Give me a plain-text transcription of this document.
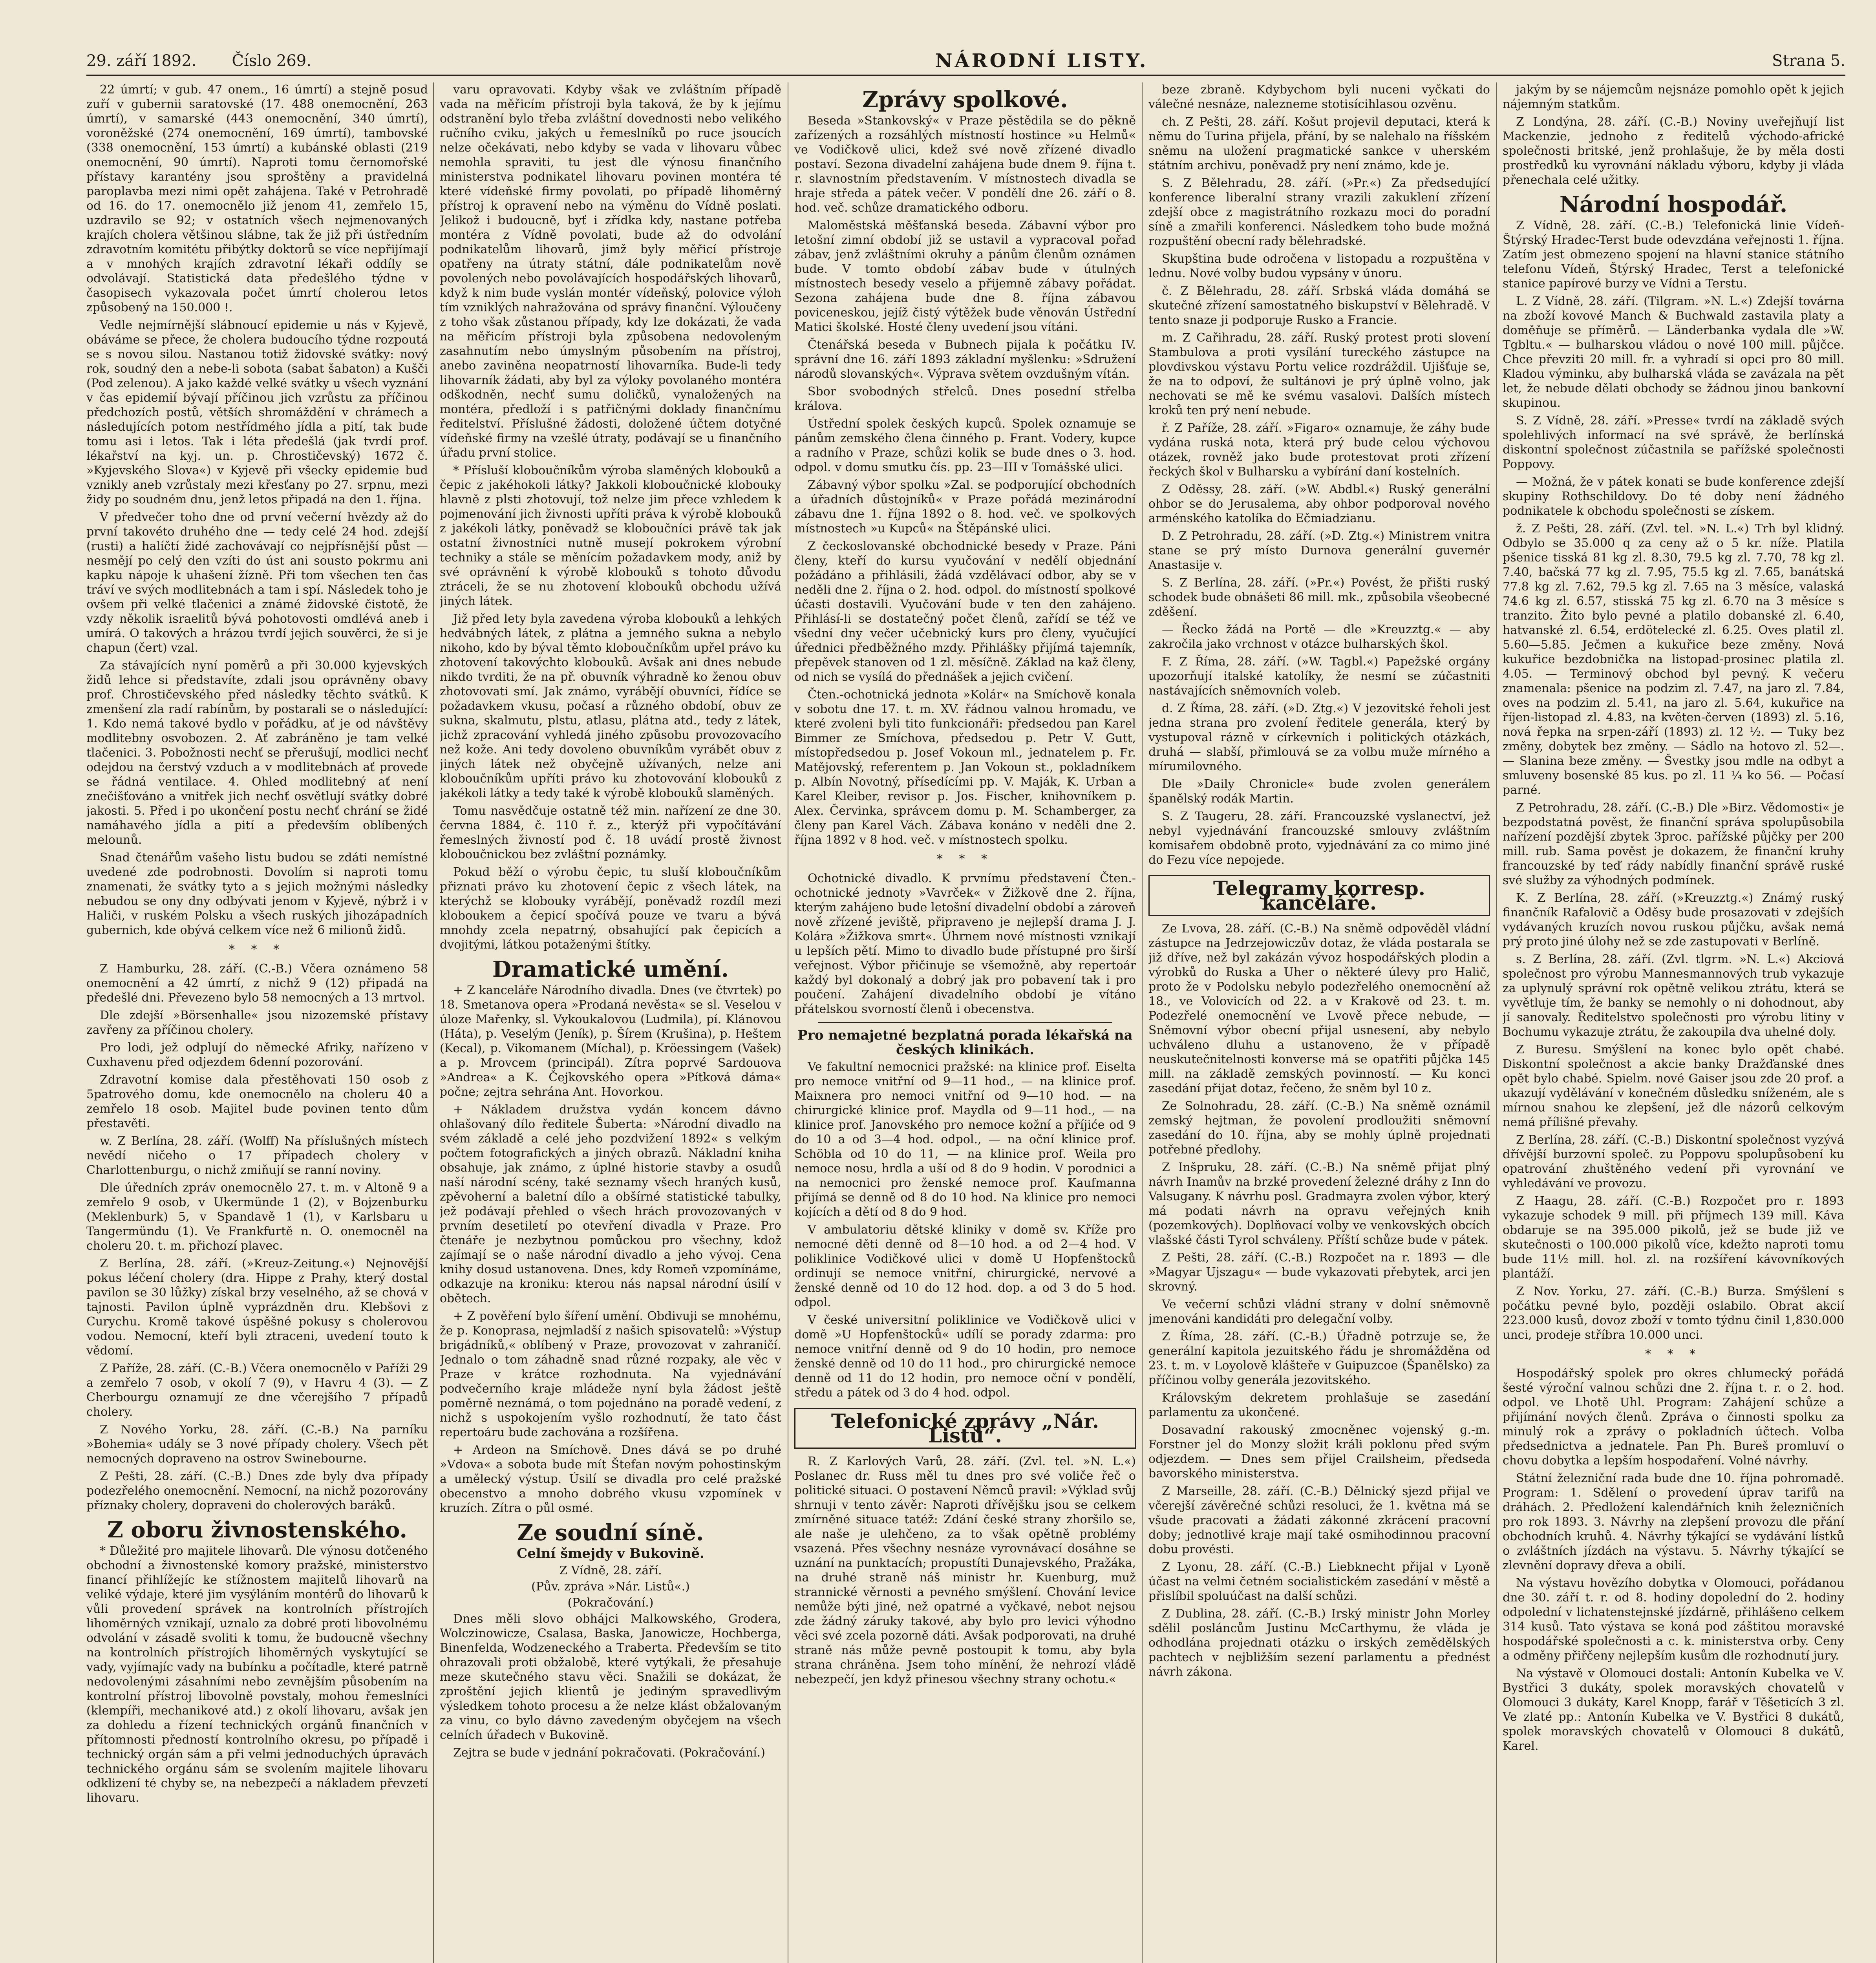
29. září 1892. Číslo 269.	NÁRODNÍ LISTY.	Strana 5.

22 úmrtí; v gub. 47 onem., 16 úmrtí) a stejně posud zuří v gubernii saratovské (17. 488 onemocnění, 263 úmrtí), v samarské (443 onemocnění, 340 úmrtí), voroněžské (274 onemocnění, 169 úmrtí), tambovské (338 onemocnění, 153 úmrtí) a kubánské oblasti (219 onemocnění, 90 úmrtí). Naproti tomu černomořské přístavy karantény jsou sproštěny a pravidelná paroplavba mezi nimi opět zahájena. Také v Petrohradě od 16. do 17. onemocnělo již jenom 41, zemřelo 15, uzdravilo se 92; v ostatních všech nejmenovaných krajích cholera většinou slábne, tak že již při ústředním zdravotním komitétu přibýtky doktorů se více nepřijímají a v mnohých krajích zdravotní lékaři oddíly se odvolávají. Statistická data předešlého týdne v časopisech vykazovala počet úmrtí cholerou letos způsobený na 150.000 !.

Vedle nejmírnější slábnoucí epidemie u nás v Kyjevě, obáváme se přece, že cholera budoucího týdne rozpoutá se s novou silou. Nastanou totiž židovské svátky: nový rok, soudný den a nebe-li sobota (sabat šabaton) a Kušči (Pod zelenou). A jako každé velké svátky u všech vyznání v čas epidemií bývají příčinou jich vzrůstu za příčinou předchozích postů, větších shromáždění v chrámech a následujících potom nestřídmého jídla a pití, tak bude tomu asi i letos. Tak i léta předešlá (jak tvrdí prof. lékařství na kyj. un. p. Chrostičevský) 1672 č. »Kyjevského Slova«) v Kyjevě při všecky epidemie bud vznikly aneb vzrůstaly mezi křesťany po 27. srpnu, mezi židy po soudném dnu, jenž letos připadá na den 1. října.

V předvečer toho dne od první večerní hvězdy až do první takovéto druhého dne — tedy celé 24 hod. zdejší (rusti) a halíčtí židé zachovávají co nejpřísnější půst — nesmějí po celý den vzíti do úst ani sousto pokrmu ani kapku nápoje k uhašení žízně. Při tom všechen ten čas tráví ve svých modlitebnách a tam i spí. Následek toho je ovšem při velké tlačenici a známé židovské čistotě, že vzdy několik israelitů bývá pohotovosti omdlévá aneb i umírá. O takových a hrázou tvrdí jejich souvěrci, že si je chapun (čert) vzal.

Za stávajících nyní poměrů a při 30.000 kyjevských židů lehce si představíte, zdali jsou oprávněny obavy prof. Chrostičevského před následky těchto svátků. K zmenšení zla radí rabínům, by postarali se o následující: 1. Kdo nemá takové bydlo v pořádku, ať je od návštěvy modlitebny osvobozen. 2. Ať zabráněno je tam velké tlačenici. 3. Pobožnosti nechť se přerušují, modlici nechť odejdou na čerstvý vzduch a v modlitebnách ať provede se řádná ventilace. 4. Ohled modlitebný ať není znečišťováno a vnitřek jich nechť osvětlují svátky dobré jakosti. 5. Před i po ukončení postu nechť chrání se židé namáhavého jídla a pití a především oblíbených melounů.

Snad čtenářům vašeho listu budou se zdáti nemístné uvedené zde podrobnosti. Dovolím si naproti tomu znamenati, že svátky tyto a s jejich možnými následky nebudou se ony dny odbývati jenom v Kyjevě, nýbrž i v Haliči, v ruském Polsku a všech ruských jihozápadních gubernich, kde obývá celkem více než 6 milionů židů.

* * *

Z Hamburku, 28. září. (C.-B.) Včera oznámeno 58 onemocnění a 42 úmrtí, z nichž 9 (12) připadá na předešlé dni. Převezeno bylo 58 nemocných a 13 mrtvol.

Dle zdejší »Börsenhalle« jsou nizozemské přístavy zavřeny za příčinou cholery.

Pro lodi, jež odplují do německé Afriky, nařízeno v Cuxhavenu před odjezdem 6denní pozorování.

Zdravotní komise dala přestěhovati 150 osob z 5patrového domu, kde onemocnělo na choleru 40 a zemřelo 18 osob. Majitel bude povinen tento dům přestavěti.

w. Z Berlína, 28. září. (Wolff) Na příslušných místech nevědí ničeho o 17 případech cholery v Charlottenburgu, o nichž zmiňují se ranní noviny.

Dle úředních zpráv onemocnělo 27. t. m. v Altoně 9 a zemřelo 9 osob, v Ukermünde 1 (2), v Bojzenburku (Meklenburk) 5, v Spandavě 1 (1), v Karlsbaru u Tangermündu (1). Ve Frankfurtě n. O. onemocněl na choleru 20. t. m. přichozí plavec.

Z Berlína, 28. září. (»Kreuz-Zeitung.«) Nejnovější pokus léčení cholery (dra. Hippe z Prahy, který dostal pavilon se 30 lůžky) získal brzy veselného, až se chová v tajnosti. Pavilon úplně vyprázdněn dru. Klebšovi z Curychu. Kromě takové úspěšné pokusy s cholerovou vodou. Nemocní, kteří byli ztraceni, uvedení touto k vědomí.

Z Paříže, 28. září. (C.-B.) Včera onemocnělo v Paříži 29 a zemřelo 7 osob, v okolí 7 (9), v Havru 4 (3). — Z Cherbourgu oznamují ze dne včerejšího 7 případů cholery.

Z Nového Yorku, 28. září. (C.-B.) Na parníku »Bohemia« udály se 3 nové případy cholery. Všech pět nemocných dopraveno na ostrov Swinebourne.

Z Pešti, 28. září. (C.-B.) Dnes zde byly dva případy podezřelého onemocnění. Nemocní, na nichž pozorovány příznaky cholery, dopraveni do cholerových baráků.

Z oboru živnostenského.

* Důležité pro majitele lihovarů. Dle výnosu dotčeného obchodní a živnostenské komory pražské, ministerstvo financí přihlížejíc ke stížnostem majitelů lihovarů na veliké výdaje, které jim vysýláním montérů do lihovarů k vůli provedení správek na kontrolních přístrojích lihoměrných vznikají, uznalo za dobré proti libovolnému odvolání v zásadě svoliti k tomu, že budoucně všechny na kontrolních přístrojích lihoměrných vyskytující se vady, vyjímajíc vady na bubínku a počítadle, které patrně nedovolenými zásahními nebo zevnějším působením na kontrolní přístroj libovolně povstaly, mohou řemeslníci (klempíři, mechanikové atd.) z okolí lihovaru, avšak jen za dohledu a řízení technických orgánů finančních v přítomnosti předností kontrolního okresu, po případě i technický orgán sám a při velmi jednoduchých úpravách technického orgánu sám se svolením majitele lihovaru odklizení té chyby se, na nebezpečí a nákladem převzetí lihovaru.

varu opravovati. Kdyby však ve zvláštním případě vada na měřicím přístroji byla taková, že by k jejímu odstranění bylo třeba zvláštní dovednosti nebo velikého ručního cviku, jakých u řemeslníků po ruce jsoucích nelze očekávati, nebo kdyby se vada v lihovaru vůbec nemohla spraviti, tu jest dle výnosu finančního ministerstva podnikatel lihovaru povinen montéra té které vídeňské firmy povolati, po případě lihoměrný přístroj k opravení nebo na výměnu do Vídně poslati. Jelikož i budoucně, byť i zřídka kdy, nastane potřeba montéra z Vídně povolati, bude až do odvolání podnikatelům lihovarů, jimž byly měřicí přístroje opatřeny na útraty státní, dále podnikatelům nově povolených nebo povolávajících hospodářských lihovarů, když k nim bude vyslán montér vídeňský, polovice výloh tím vzniklých nahražována od správy finanční. Výloučeny z toho však zůstanou případy, kdy lze dokázati, že vada na měřicím přístroji byla způsobena nedovoleným zasahnutím nebo úmyslným působením na přístroj, anebo zaviněna neopatrností lihovarníka. Bude-li tedy lihovarník žádati, aby byl za výloky povolaného montéra odškodněn, nechť sumu doličků, vynaložených na montéra, předloží i s patřičnými doklady finančnímu ředitelství. Příslušné žádosti, doložené účtem dotyčné vídeňské firmy na vzešlé útraty, podávají se u finančního úřadu první stolice.

* Přísluší kloboučníkům výroba slaměných klobouků a čepic z jakéhokoli látky? Jakkoli kloboučnické klobouky hlavně z plsti zhotovují, tož nelze jim přece vzhledem k pojmenování jich živnosti upříti práva k výrobě klobouků z jakékoli látky, poněvadž se kloboučníci právě tak jak ostatní živnostníci nutně musejí pokrokem výrobní techniky a stále se měnícím požadavkem mody, aniž by své oprávnění k výrobě klobouků s tohoto důvodu ztráceli, že se nu zhotovení klobouků obchodu užívá jiných látek.

Již před lety byla zavedena výroba klobouků a lehkých hedvábných látek, z plátna a jemného sukna a nebylo nikoho, kdo by býval těmto kloboučníkům upřel právo ku zhotovení takovýchto klobouků. Avšak ani dnes nebude nikdo tvrditi, že na př. obuvník výhradně ko ženou obuv zhotovovati smí. Jak známo, vyrábějí obuvníci, řídíce se požadavkem vkusu, počasí a různého období, obuv ze sukna, skalmutu, plstu, atlasu, plátna atd., tedy z látek, jichž zpracování vyhledá jiného způsobu provozovacího než kože. Ani tedy dovoleno obuvníkům vyrábět obuv z jiných látek než obyčejně užívaných, nelze ani kloboučníkům upříti právo ku zhotovování klobouků z jakékoli látky a tedy také k výrobě klobouků slaměných.

Tomu nasvědčuje ostatně též min. nařízení ze dne 30. června 1884, č. 110 ř. z., kterýž při vypočítávání řemeslných živností pod č. 18 uvádí prostě živnost kloboučnickou bez zvláštní poznámky.

Pokud běží o výrobu čepic, tu sluší kloboučníkům přiznati právo ku zhotovení čepic z všech látek, na kterýchž se klobouky vyrábějí, poněvadž rozdíl mezi kloboukem a čepicí spočívá pouze ve tvaru a bývá mnohdy zcela nepatrný, obsahující pak čepicích a dvojitými, látkou potaženými štítky.

Dramatické umění.

+ Z kanceláře Národního divadla. Dnes (ve čtvrtek) po 18. Smetanova opera »Prodaná nevěsta« se sl. Veselou v úloze Mařenky, sl. Vykoukalovou (Ludmila), pí. Klánovou (Háta), p. Veselým (Jeník), p. Šírem (Krušina), p. Heštem (Kecal), p. Vikomanem (Míchal), p. Kröessingem (Vašek) a p. Mrovcem (principál). Zítra poprvé Sardouova »Andrea« a K. Čejkovského opera »Pítková dáma« počne; zejtra sehrána Ant. Hovorkou.

+ Nákladem družstva vydán koncem dávno ohlašovaný dílo ředitele Šuberta: »Národní divadlo na svém základě a celé jeho pozdvižení 1892« s velkým počtem fotografických a jiných obrazů. Nákladní kniha obsahuje, jak známo, z úplné historie stavby a osudů naší národní scény, také seznamy všech hraných kusů, zpěvoherní a baletní dílo a obšírné statistické tabulky, jež podávají přehled o všech hrách provozovaných v prvním desetiletí po otevření divadla v Praze. Pro čtenáře je nezbytnou pomůckou pro všechny, kdož zajímají se o naše národní divadlo a jeho vývoj. Cena knihy dosud ustanovena. Dnes, kdy Romeň vzpomínáme, odkazuje na kroniku: kterou nás napsal národní úsilí v obětech.

+ Z pověření bylo šíření umění. Obdivuji se mnohému, že p. Konoprasa, nejmladší z našich spisovatelů: »Výstup brigádníků,« oblíbený v Praze, provozovat v zahraničí. Jednalo o tom záhadně snad různé rozpaky, ale věc v Praze v krátce rozhodnuta. Na vyjednávání podvečerního kraje mládeže nyní byla žádost ještě poměrně neznámá, o tom pojednáno na poradě vedení, z nichž s uspokojením vyšlo rozhodnutí, že tato část repertoáru bude zachována a rozšířena.

+ Ardeon na Smíchově. Dnes dává se po druhé »Vdova« a sobota bude mít Štefan novým pohostinským a umělecký výstup. Úsilí se divadla pro celé pražské obecenstvo a mnoho dobrého vkusu vzpomínek v kruzích. Zítra o půl osmé.

Ze soudní síně.
Celní šmejdy v Bukovině.
Z Vídně, 28. září.
(Pův. zpráva »Nár. Listů«.)
(Pokračování.)

Dnes měli slovo obhájci Malkowského, Grodera, Wolczinowicze, Csalasa, Baska, Janowicze, Hochberga, Binenfelda, Wodzeneckého a Traberta. Především se tito ohrazovali proti obžalobě, které vytýkali, že přesahuje meze skutečného stavu věci. Snažili se dokázat, že zproštění jejich klientů je jediným spravedlivým výsledkem tohoto procesu a že nelze klást obžalovaným za vinu, co bylo dávno zavedeným obyčejem na všech celních úřadech v Bukovině.

Zejtra se bude v jednání pokračovati. (Pokračování.)

Zprávy spolkové.

Beseda »Stankovský« v Praze pěstědila se do pěkně zařízených a rozsáhlých místností hostince »u Helmů« ve Vodičkově ulici, kdež své nově zřízené divadlo postaví. Sezona divadelní zahájena bude dnem 9. října t. r. slavnostním představením. V místnostech divadla se hraje středa a pátek večer. V pondělí dne 26. září o 8. hod. več. schůze dramatického odboru.

Maloměstská měšťanská beseda. Zábavní výbor pro letošní zimní období již se ustavil a vypracoval pořad zábav, jenž zvláštními okruhy a pánům členům oznámen bude. V tomto období zábav bude v útulných místnostech besedy veselo a přijemně zábavy pořádat. Sezona zahájena bude dne 8. října zábavou poviceneskou, jejíž čistý výtěžek bude věnován Ústřední Matici školské. Hosté členy uvedení jsou vítáni.

Čtenářská beseda v Bubnech pijala k počátku IV. správní dne 16. září 1893 základní myšlenku: »Sdružení národů slovanských«. Výprava světem ovzdušným vítán.

Sbor svobodných střelců. Dnes posední střelba králova.

Ústřední spolek českých kupců. Spolek oznamuje se pánům zemského člena činného p. Frant. Vodery, kupce a radního v Praze, schůzi kolik se bude dnes o 3. hod. odpol. v domu smutku čís. pp. 23—III v Tomášské ulici.

Zábavný výbor spolku »Zal. se podporující obchodních a úřadních důstojníků« v Praze pořádá mezinárodní zábavu dne 1. října 1892 o 8. hod. več. ve spolkových místnostech »u Kupců« na Štěpánské ulici.

Z čeckoslovanské obchodnické besedy v Praze. Páni členy, kteří do kursu vyučování v nedělí objednání požádáno a přihlásili, žádá vzdělávací odbor, aby se v neděli dne 2. října o 2. hod. odpol. do místností spolkové účasti dostavili. Vyučování bude v ten den zahájeno. Přihlásí-li se dostatečný počet členů, zařídí se též ve všední dny večer učebnický kurs pro členy, vyučující úřednici předběžného mzdy. Přihlášky přijímá tajemník, přepěvek stanoven od 1 zl. měsíčně. Základ na kaž členy, od nich se vysílá do přednášek a jejich cvičení.

Čten.-ochotnická jednota »Kolár« na Smíchově konala v sobotu dne 17. t. m. XV. řádnou valnou hromadu, ve které zvoleni byli tito funkcionáři: předsedou pan Karel Bimmer ze Smíchova, předsedou p. Petr V. Gutt, místopředsedou p. Josef Vokoun ml., jednatelem p. Fr. Matějovský, referentem p. Jan Vokoun st., pokladníkem p. Albín Novotný, přísedícími pp. V. Maják, K. Urban a Karel Kleiber, revisor p. Jos. Fischer, knihovníkem p. Alex. Červinka, správcem domu p. M. Schamberger, za členy pan Karel Vách. Zábava konáno v neděli dne 2. října 1892 v 8 hod. več. v místnostech spolku.

* * *

Ochotnické divadlo. K prvnímu představení Čten.-ochotnické jednoty »Vavrček« v Žižkově dne 2. října, kterým zahájeno bude letošní divadelní období a zároveň nově zřízené jeviště, připraveno je nejlepší drama J. J. Kolára »Žižkova smrt«. Úhrnem nové místnosti vznikají u lepších pětí. Mimo to divadlo bude přístupné pro širší veřejnost. Výbor přičinuje se všemožně, aby repertoár každý byl dokonalý a dobrý jak pro pobavení tak i pro poučení. Zahájení divadelního období je vítáno přátelskou svorností členů i obecenstva.

Pro nemajetné bezplatná porada lékařská na českých klinikách.

Ve fakultní nemocnici pražské: na klinice prof. Eiselta pro nemoce vnitřní od 9—11 hod., — na klinice prof. Maixnera pro nemoci vnitřní od 9—10 hod. — na chirurgické klinice prof. Maydla od 9—11 hod., — na klinice prof. Janovského pro nemoce kožní a příjiće od 9 do 10 a od 3—4 hod. odpol., — na oční klinice prof. Schöbla od 10 do 11, — na klinice prof. Weila pro nemoce nosu, hrdla a uší od 8 do 9 hodin. V porodnici a na nemocnici pro ženské nemoce prof. Kaufmanna přijímá se denně od 8 do 10 hod. Na klinice pro nemoci kojících a dětí od 8 do 9 hod.

V ambulatoriu dětské kliniky v domě sv. Kříže pro nemocné děti denně od 8—10 hod. a od 2—4 hod. V poliklinice Vodičkové ulici v domě U Hopfenštocků ordinují se nemoce vnitřní, chirurgické, nervové a ženské denně od 10 do 12 hod. dop. a od 3 do 5 hod. odpol.

V české universitní poliklinice ve Vodičkově ulici v domě »U Hopfenštocků« udílí se porady zdarma: pro nemoce vnitřní denně od 9 do 10 hodin, pro nemoce ženské denně od 10 do 11 hod., pro chirurgické nemoce denně od 11 do 12 hodin, pro nemoce oční v pondělí, středu a pátek od 3 do 4 hod. odpol.

Telefonické zprávy „Nár. Listů“.

R. Z Karlových Varů, 28. září. (Zvl. tel. »N. L.«) Poslanec dr. Russ měl tu dnes pro své voliče řeč o politické situaci. O postavení Němců pravil: »Výklad svůj shrnuji v tento závěr: Naproti dřívějšku jsou se celkem zmírněné situace tatéž: Zdání české strany zhoršilo se, ale naše je ulehčeno, za to však opětně problémy vsazená. Přes všechny nesnáze vyrovnávací dosáhne se uznání na punktacích; propustíti Dunajevského, Pražáka, na druhé straně náš ministr hr. Kuenburg, muž strannické věrnosti a pevného smýšlení. Chování levice nemůže býti jiné, než opatrné a vyčkavé, nebot nejsou zde žádný záruky takové, aby bylo pro levici výhodno věci své zcela pozorně dáti. Avšak podporovati, na druhé straně nás může pevně postoupit k tomu, aby byla strana chráněna. Jsem toho mínění, že nehrozí vládě nebezpečí, jen když přinesou všechny strany ochotu.«

beze zbraně. Kdybychom byli nuceni vyčkati do válečné nesnáze, nalezneme stotisícihlasou ozvěnu.

ch. Z Pešti, 28. září. Košut projevil deputaci, která k němu do Turina přijela, přání, by se nalehalo na říšském sněmu na uložení pragmatické sankce v uherském státním archivu, poněvadž pry není známo, kde je.

S. Z Bělehradu, 28. září. (»Pr.«) Za předsedující konference liberalní strany vrazili zakuklení zřízení zdejší obce z magistrátního rozkazu moci do poradní síně a zmařili konferenci. Následkem toho bude možná rozpuštění obecní rady bělehradské.

Skupština bude odročena v listopadu a rozpuštěna v lednu. Nové volby budou vypsány v únoru.

č. Z Bělehradu, 28. září. Srbská vláda domáhá se skutečné zřízení samostatného biskupství v Bělehradě. V tento snaze ji podporuje Rusko a Francie.

m. Z Cařihradu, 28. září. Ruský protest proti slovení Stambulova a proti vysílání tureckého zástupce na plovdivskou výstavu Portu velice rozdráždil. Ujišťuje se, že na to odpoví, že sultánovi je prý úplně volno, jak nechovati se mě ke svému vasalovi. Dalších místech kroků ten prý není nebude.

ř. Z Paříže, 28. září. »Figaro« oznamuje, že záhy bude vydána ruská nota, která prý bude celou výchovou otázek, rovněž jako bude protestovat proti zřízení řeckých škol v Bulharsku a vybírání daní kostelních.

Z Oděssy, 28. září. (»W. Abdbl.«) Ruský generální ohbor se do Jerusalema, aby ohbor podporoval nového arménského katolíka do Ečmiadzianu.

D. Z Petrohradu, 28. září. (»D. Ztg.«) Ministrem vnitra stane se prý místo Durnova generální guvernér Anastasije v.

S. Z Berlína, 28. září. (»Pr.«) Povést, že přišti ruský schodek bude obnášeti 86 mill. mk., způsobila všeobecné zděšení.

— Řecko žádá na Portě — dle »Kreuzztg.« — aby zakročila jako vrchnost v otázce bulharských škol.

F. Z Říma, 28. září. (»W. Tagbl.«) Papežské orgány upozorňují italské katolíky, že nesmí se zúčastniti nastávajících sněmovních voleb.

d. Z Říma, 28. září. (»D. Ztg.«) V jezovitské řeholi jest jedna strana pro zvolení ředitele generála, který by vystupoval rázně v církevních i politických otázkách, druhá — slabší, přimlouvá se za volbu muže mírného a mírumilovného.

Dle »Daily Chronicle« bude zvolen generálem španělský rodák Martin.

S. Z Taugeru, 28. září. Francouzské vyslanectví, jež nebyl vyjednávání francouzské smlouvy zvláštním komisařem obdobně proto, vyjednávání za co mimo jiné do Fezu více nepojede.

Telegramy korresp. kanceláře.

Ze Lvova, 28. září. (C.-B.) Na sněmě odpověděl vládní zástupce na Jedrzejowiczův dotaz, že vláda postarala se již dříve, než byl zakázán vývoz hospodářských plodin a výrobků do Ruska a Uher o některé úlevy pro Halič, proto že v Podolsku nebylo podezřelého onemocnění až 18., ve Volovicích od 22. a v Krakově od 23. t. m. Podezřelé onemocnění ve Lvově přece nebude, — Sněmovní výbor obecní přijal usnesení, aby nebylo uchváleno dluhu a ustanoveno, že v případě neuskutečnitelnosti konverse má se opatřiti půjčka 145 mill. na základě zemských povinností. — Ku konci zasedání přijat dotaz, řečeno, že sněm byl 10 z.

Ze Solnohradu, 28. září. (C.-B.) Na sněmě oznámil zemský hejtman, že povolení prodloužiti sněmovní zasedání do 10. října, aby se mohly úplně projednati potřebné předlohy.

Z Inšpruku, 28. září. (C.-B.) Na sněmě přijat plný návrh Inamův na brzké provedení železné dráhy z Inn do Valsugany. K návrhu posl. Gradmayra zvolen výbor, který má podati návrh na opravu veřejných knih (pozemkových). Doplňovací volby ve venkovských obcích vlašské části Tyrol schváleny. Příští schůze bude v pátek.

Z Pešti, 28. září. (C.-B.) Rozpočet na r. 1893 — dle »Magyar Ujszagu« — bude vykazovati přebytek, arci jen skrovný.

Ve večerní schůzi vládní strany v dolní sněmovně jmenováni kandidáti pro delegační volby.

Z Říma, 28. září. (C.-B.) Úřadně potrzuje se, že generální kapitola jezuitského řádu je shromážděna od 23. t. m. v Loyolově klášteře v Guipuzcoe (Španělsko) za příčinou volby generála jezovitského.

Královským dekretem prohlašuje se zasedání parlamentu za ukončené.

Dosavadní rakouský zmocněnec vojenský g.-m. Forstner jel do Monzy složit králi poklonu před svým odjezdem. — Dnes sem přijel Crailsheim, předseda bavorského ministerstva.

Z Marseille, 28. září. (C.-B.) Dělnický sjezd přijal ve včerejší závěrečné schůzi resoluci, že 1. května má se všude pracovati a žádati zákonné zkrácení pracovní doby; jednotlivé kraje mají také osmihodinnou pracovní dobu provésti.

Z Lyonu, 28. září. (C.-B.) Liebknecht přijal v Lyoně účast na velmi četném socialistickém zasedání v městě a přislíbil spoluúčast na další schůzi.

Z Dublina, 28. září. (C.-B.) Irský ministr John Morley sdělil posláncům Justinu McCarthymu, že vláda je odhodlána projednati otázku o irských zemědělských pachtech v nejbližším sezení parlamentu a přednést návrh zákona.

jakým by se nájemcům nejsnáze pomohlo opět k jejich nájemným statkům.

Z Londýna, 28. září. (C.-B.) Noviny uveřejňují list Mackenzie, jednoho z ředitelů východo-africké společnosti britské, jenž prohlašuje, že by měla dosti prostředků ku vyrovnání nákladu výboru, kdyby ji vláda přenechala celé užitky.

Národní hospodář.

Z Vídně, 28. září. (C.-B.) Telefonická linie Vídeň-Štýrský Hradec-Terst bude odevzdána veřejnosti 1. října. Zatím jest obmezeno spojení na hlavní stanice státního telefonu Vídeň, Štýrský Hradec, Terst a telefonické stanice papírové burzy ve Vídni a Terstu.

L. Z Vídně, 28. září. (Tilgram. »N. L.«) Zdejší továrna na zboží kovové Manch & Buchwald zastavila platy a doměňuje se příměrů. — Länderbanka vydala dle »W. Tgbltu.« — bulharskou vládou o nové 100 mill. půjčce. Chce převziti 20 mill. fr. a vyhradí si opci pro 80 mill. Kladou výminku, aby bulharská vláda se zavázala na pět let, že nebude dělati obchody se žádnou jinou bankovní skupinou.

S. Z Vídně, 28. září. »Presse« tvrdí na základě svých spolehlivých informací na své správě, že berlínská diskontní společnost zúčastnila se pařížské společnosti Poppovy.

— Možná, že v pátek konati se bude konference zdejší skupiny Rothschildovy. Do té doby není žádného podnikatele k obchodu společnosti se získem.

ž. Z Pešti, 28. září. (Zvl. tel. »N. L.«) Trh byl klidný. Odbylo se 35.000 q za ceny až o 5 kr. níže. Platila pšenice tisská 81 kg zl. 8.30, 79.5 kg zl. 7.70, 78 kg zl. 7.40, bačská 77 kg zl. 7.95, 75.5 kg zl. 7.65, banátská 77.8 kg zl. 7.62, 79.5 kg zl. 7.65 na 3 měsíce, valaská 74.6 kg zl. 6.57, stisská 75 kg zl. 6.70 na 3 měsíce s tranzito. Žito bylo pevné a platilo dobanské zl. 6.40, hatvanské zl. 6.54, erdötelecké zl. 6.25. Oves platil zl. 5.60—5.85. Ječmen a kukuřice beze změny. Nová kukuřice bezdobnička na listopad-prosinec platila zl. 4.05. — Terminový obchod byl pevný. K večeru znamenala: pšenice na podzim zl. 7.47, na jaro zl. 7.84, oves na podzim zl. 5.41, na jaro zl. 5.64, kukuřice na říjen-listopad zl. 4.83, na květen-červen (1893) zl. 5.16, nová řepka na srpen-září (1893) zl. 12 ½. — Tuky bez změny, dobytek bez změny. — Sádlo na hotovo zl. 52—. — Slanina beze změny. — Švestky jsou mdle na odbyt a smluveny bosenské 85 kus. po zl. 11 ¼ ko 56. — Počasí parné.

Z Petrohradu, 28. září. (C.-B.) Dle »Birz. Vědomosti« je bezpodstatná pověst, že finanční správa spolupůsobila nařízení pozdější zbytek 3proc. pařížské půjčky per 200 mill. rub. Sama pověst je dokazem, že finanční kruhy francouzské by teď rády nabídly finanční správě ruské své služby za výhodných podmínek.

K. Z Berlína, 28. září. (»Kreuzztg.«) Známý ruský finančník Rafalovič a Oděsy bude prosazovati v zdejších vydávaných kruzích novou ruskou půjčku, avšak nemá prý proto jiné úlohy než se zde zastupovati v Berlíně.

s. Z Berlína, 28. září. (Zvl. tlgrm. »N. L.«) Akciová společnost pro výrobu Mannesmannových trub vykazuje za uplynulý správní rok opětně velikou ztrátu, která se vyvětluje tím, že banky se nemohly o ni dohodnout, aby jí sanovaly. Ředitelstvo společnosti pro výrobu litiny v Bochumu vykazuje ztrátu, že zakoupila dva uhelné doly.

Z Buresu. Smýšlení na konec bylo opět chabé. Diskontní společnost a akcie banky Dražďanské dnes opět bylo chabé. Spielm. nové Gaiser jsou zde 20 prof. a ukazují vydělávání v konečném důsledku sníženém, ale s mírnou snahou ke zlepšení, jež dle názorů celkovým nemá přílišné převahy.

Z Berlína, 28. září. (C.-B.) Diskontní společnost vyzývá dřívější burzovní společ. zu Poppovu spolupůsobení ku opatrování zhuštěného vedení při vyrovnání ve vyhledávání ve provozu.

Z Haagu, 28. září. (C.-B.) Rozpočet pro r. 1893 vykazuje schodek 9 mill. při příjmech 139 mill. Káva obdaruje se na 395.000 pikolů, jež se bude již ve skutečnosti o 100.000 pikolů více, kdežto naproti tomu bude 11½ mill. hol. zl. na rozšíření kávovníkových plantáží.

Z Nov. Yorku, 27. září. (C.-B.) Burza. Smýšlení s počátku pevné bylo, později oslabilo. Obrat akcií 223.000 kusů, dovoz zboží v tomto týdnu činil 1,830.000 unci, prodeje stříbra 10.000 unci.

* * *

Hospodářský spolek pro okres chlumecký pořádá šesté výroční valnou schůzi dne 2. října t. r. o 2. hod. odpol. ve Lhotě Uhl. Program: Zahájení schůze a přijímání nových členů. Zpráva o činnosti spolku za minulý rok a zprávy o pokladních účtech. Volba předsednictva a jednatele. Pan Ph. Bureš promluví o chovu dobytka a lepším hospodaření. Volné návrhy.

Státní železniční rada bude dne 10. října pohromadě. Program: 1. Sdělení o provedení úprav tarifů na dráhách. 2. Předložení kalendářních knih železničních pro rok 1893. 3. Návrhy na zlepšení provozu dle přání obchodních kruhů. 4. Návrhy týkající se vydávání lístků o zvláštních jízdách na výstavu. 5. Návrhy týkající se zlevnění dopravy dřeva a obilí.

Na výstavu hovězího dobytka v Olomouci, pořádanou dne 30. září t. r. od 8. hodiny dopolední do 2. hodiny odpolední v lichatenstejnské jízdárně, přihlášeno celkem 314 kusů. Tato výstava se koná pod záštitou moravské hospodářské společnosti a c. k. ministerstva orby. Ceny a odměny přiřčeny nejlepším kusům dle rozhodnutí jury.

Na výstavě v Olomouci dostali: Antonín Kubelka ve V. Bystřici 3 dukáty, spolek moravských chovatelů v Olomouci 3 dukáty, Karel Knopp, farář v Těšeticích 3 zl. Ve zlaté pp.: Antonín Kubelka ve V. Bystřici 8 dukátů, spolek moravských chovatelů v Olomouci 8 dukátů, Karel.
